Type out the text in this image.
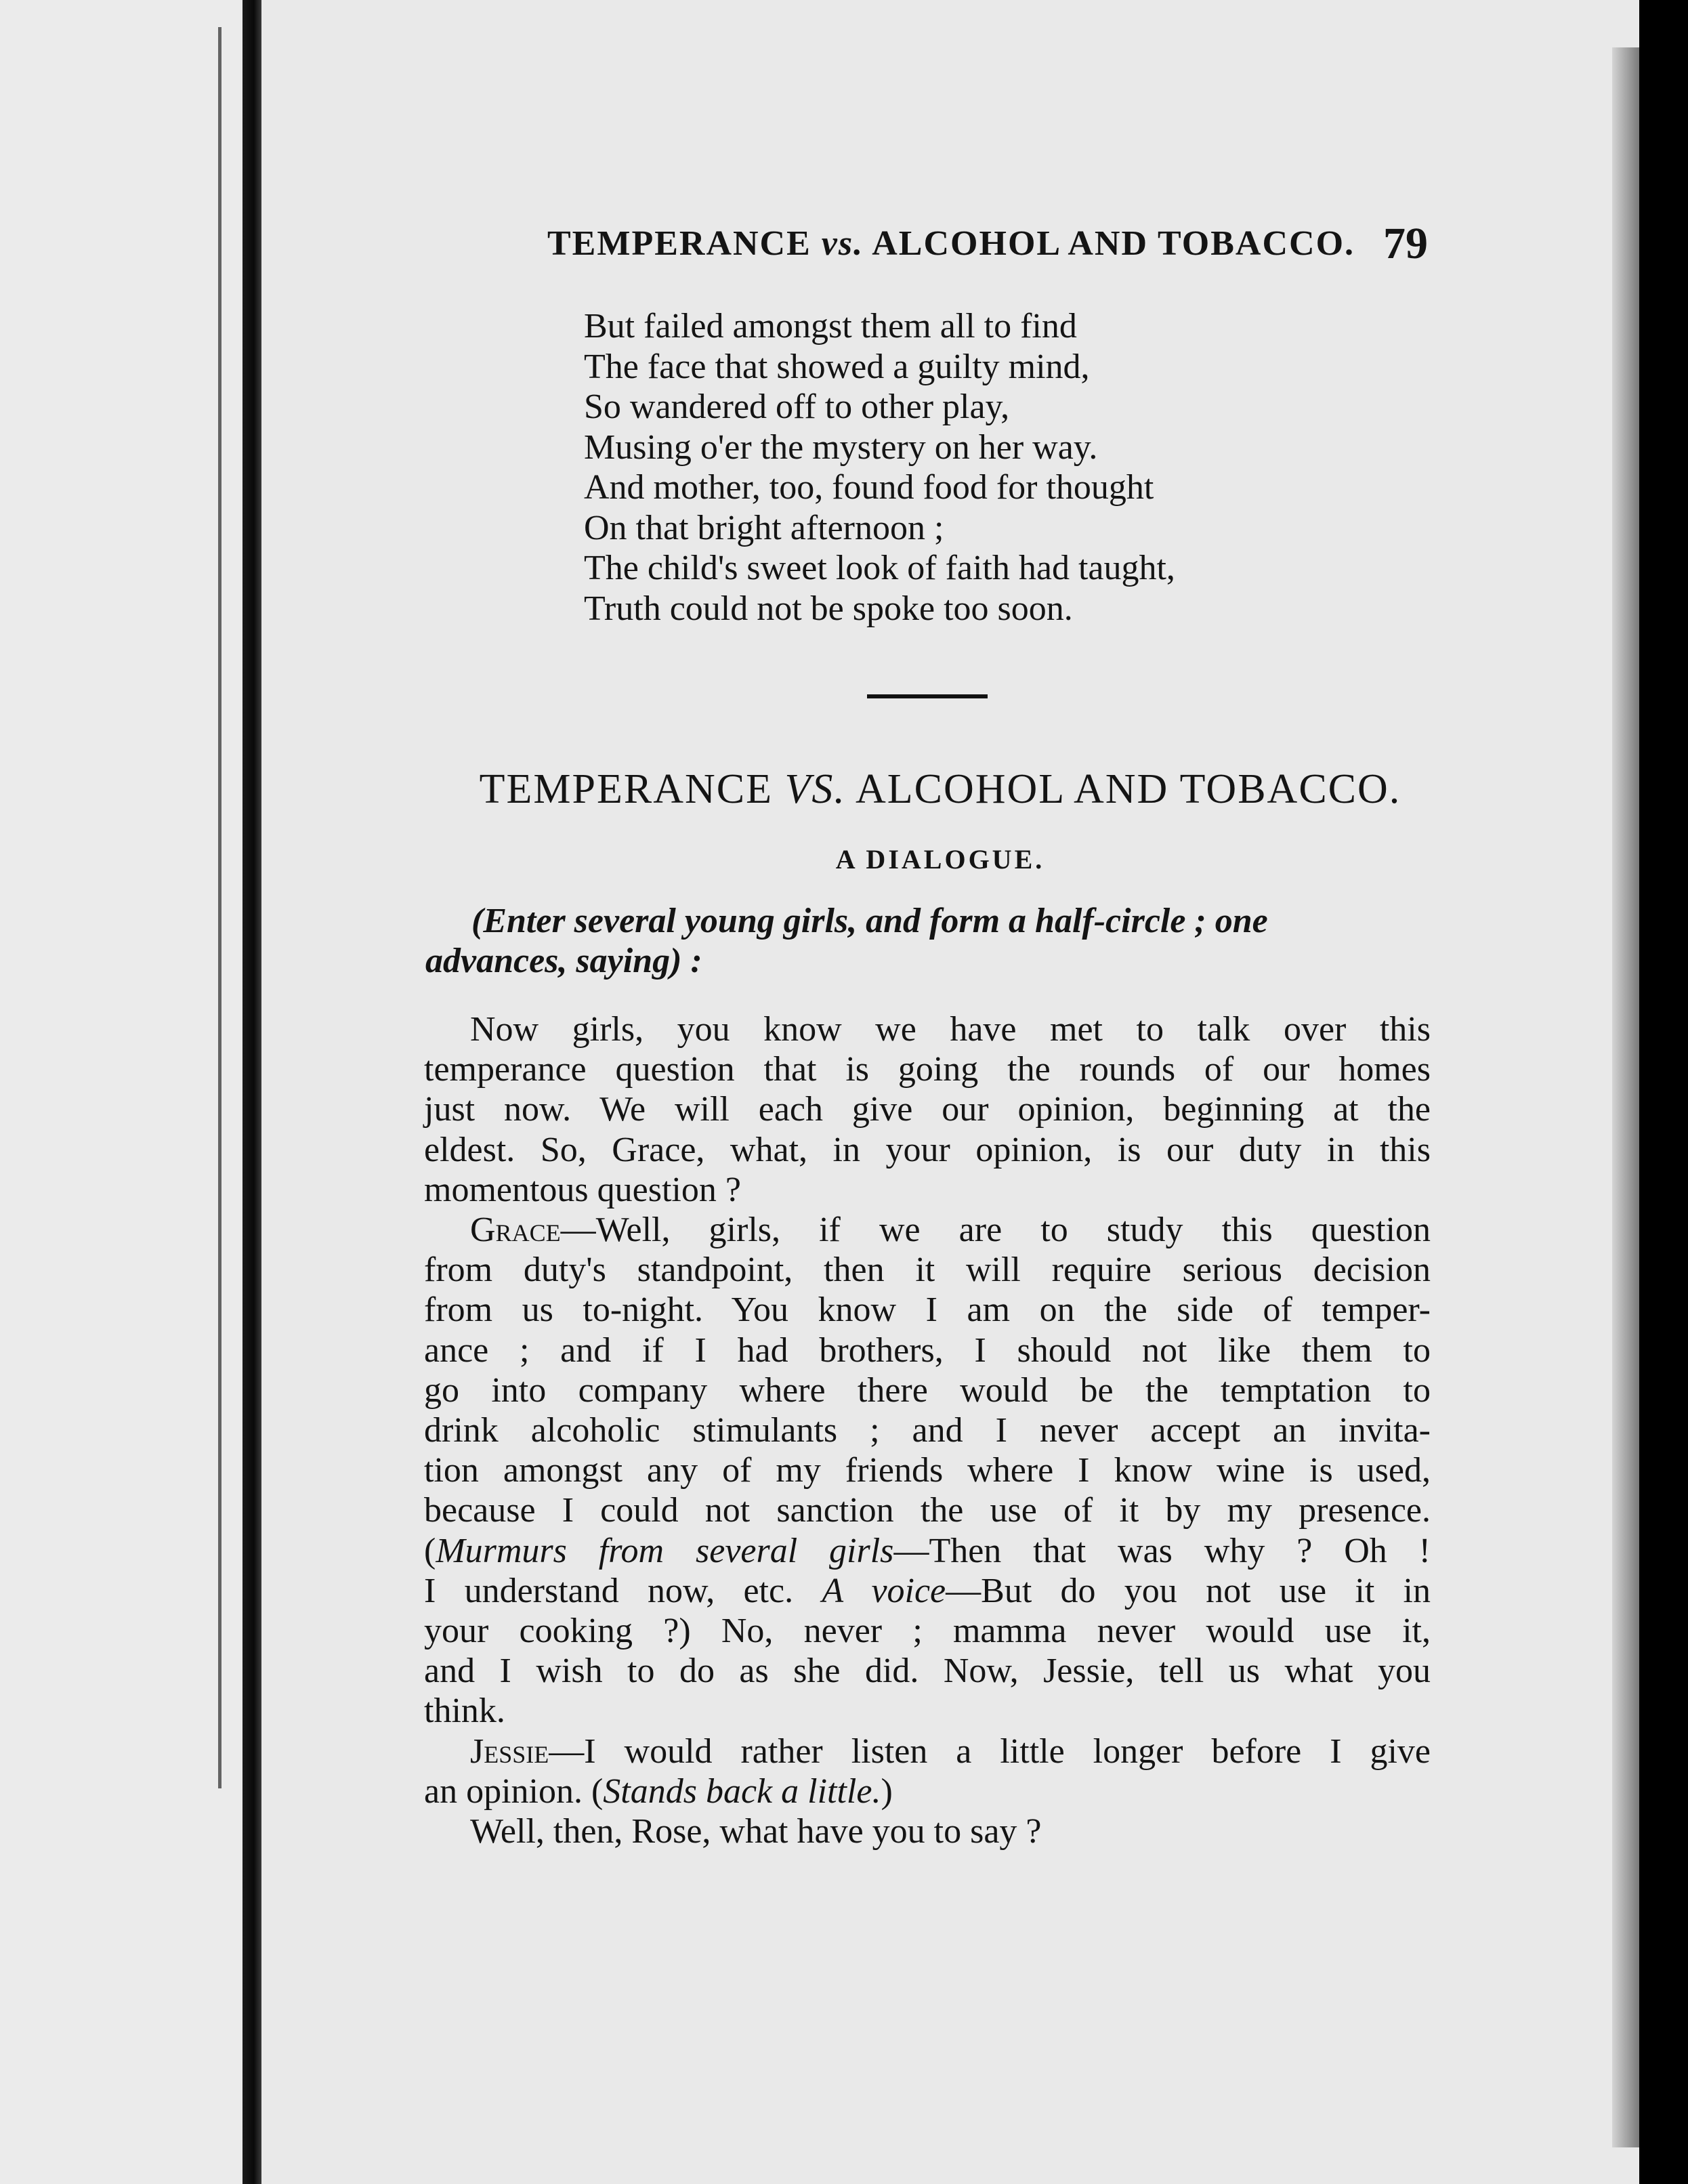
TEMPERANCE vs. ALCOHOL AND TOBACCO. 79
But failed amongst them all to find
The face that showed a guilty mind,
So wandered off to other play,
Musing o'er the mystery on her way.
And mother, too, found food for thought
On that bright afternoon ;
The child's sweet look of faith had taught,
Truth could not be spoke too soon.
TEMPERANCE VS. ALCOHOL AND TOBACCO.
A DIALOGUE.
(Enter several young girls, and form a half-circle ; one
advances, saying) :
Now girls, you know we have met to talk over this
temperance question that is going the rounds of our homes
just now. We will each give our opinion, beginning at the
eldest. So, Grace, what, in your opinion, is our duty in this
momentous question ?
Grace—Well, girls, if we are to study this question
from duty's standpoint, then it will require serious decision
from us to-night. You know I am on the side of temper-
ance ; and if I had brothers, I should not like them to
go into company where there would be the temptation to
drink alcoholic stimulants ; and I never accept an invita-
tion amongst any of my friends where I know wine is used,
because I could not sanction the use of it by my presence.
(Murmurs from several girls—Then that was why ? Oh !
I understand now, etc. A voice—But do you not use it in
your cooking ?) No, never ; mamma never would use it,
and I wish to do as she did. Now, Jessie, tell us what you
think.
Jessie—I would rather listen a little longer before I give
an opinion. (Stands back a little.)
Well, then, Rose, what have you to say ?
